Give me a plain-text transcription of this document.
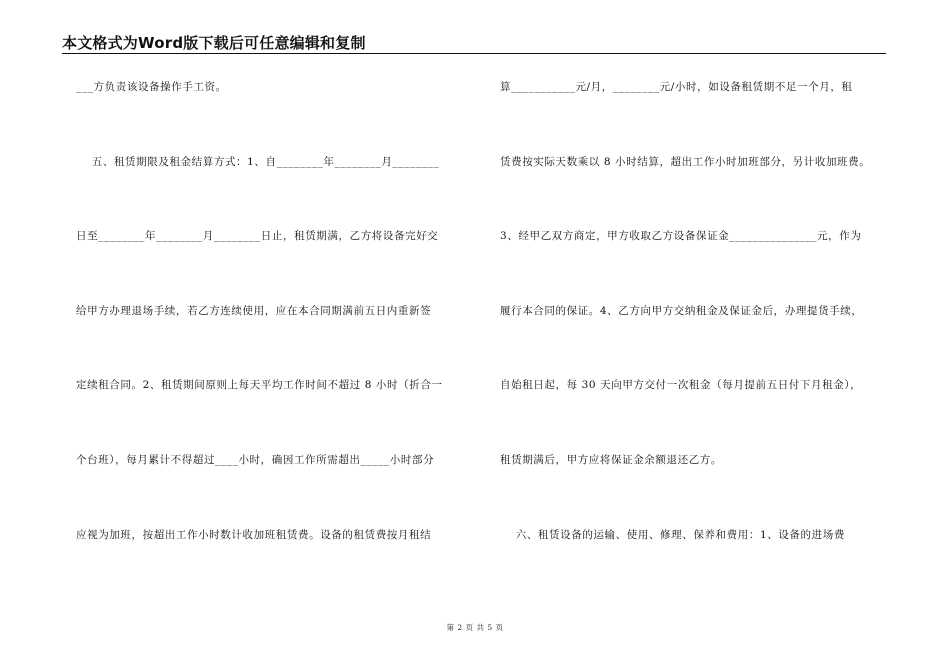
本文格式为Word版下载后可任意编辑和复制
___方负责该设备操作手工资。
五、租赁期限及租金结算方式：1、自________年________月________
日至________年________月________日止，租赁期满，乙方将设备完好交
给甲方办理退场手续，若乙方连续使用，应在本合同期满前五日内重新签
定续租合同。2、租赁期间原则上每天平均工作时间不超过 8 小时（折合一
个台班），每月累计不得超过____小时，确因工作所需超出_____小时部分
应视为加班，按超出工作小时数计收加班租赁费。设备的租赁费按月租结
算___________元/月，________元/小时，如设备租赁期不足一个月，租
赁费按实际天数乘以 8 小时结算，超出工作小时加班部分，另计收加班费。
3、经甲乙双方商定，甲方收取乙方设备保证金_______________元，作为
履行本合同的保证。4、乙方向甲方交纳租金及保证金后，办理提货手续，
自始租日起，每 30 天向甲方交付一次租金（每月提前五日付下月租金），
租赁期满后，甲方应将保证金余额退还乙方。
六、租赁设备的运输、使用、修理、保养和费用：1、设备的进场费
第 2 页 共 5 页
